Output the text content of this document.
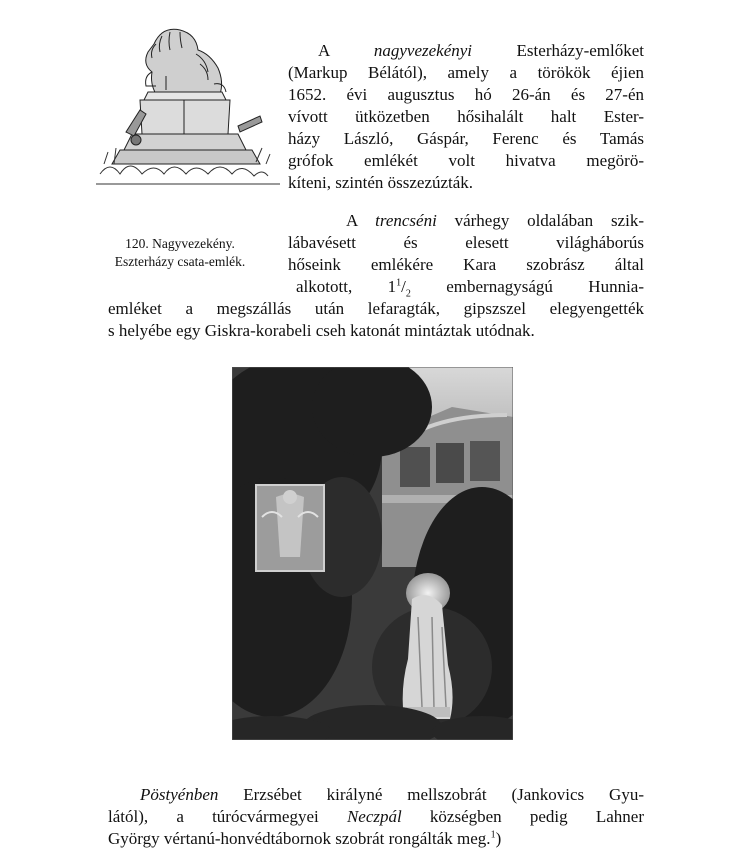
120. Nagyvezekény.
Eszterházy csata-emlék.
A nagyvezekényi Esterházy-emlőket
(Markup Bélától), amely a törökök éjien
1652. évi augusztus hó 26-án és 27-én
vívott ütközetben hősihalált halt Ester-
házy László, Gáspár, Ferenc és Tamás
grófok emlékét volt hivatva megörö-
kíteni, szintén összezúzták.
A trencséni várhegy oldalában szik-
lábavésett és elesett világháborús
hőseink emlékére Kara szobrász által
alkotott, $1^1/_2$ embernagyságú Hunnia-
emléket a megszállás után lefaragták, gipszszel elegyengették
s helyébe egy Giskra-korabeli cseh katonát mintáztak utódnak.
Pöstyénben Erzsébet királyné mellszobrát (Jankovics Gyu-
lától), a túrócvármegyei Neczpál községben pedig Lahner
György vértanú-honvédtábornok szobrát rongálták meg.$^1$)
